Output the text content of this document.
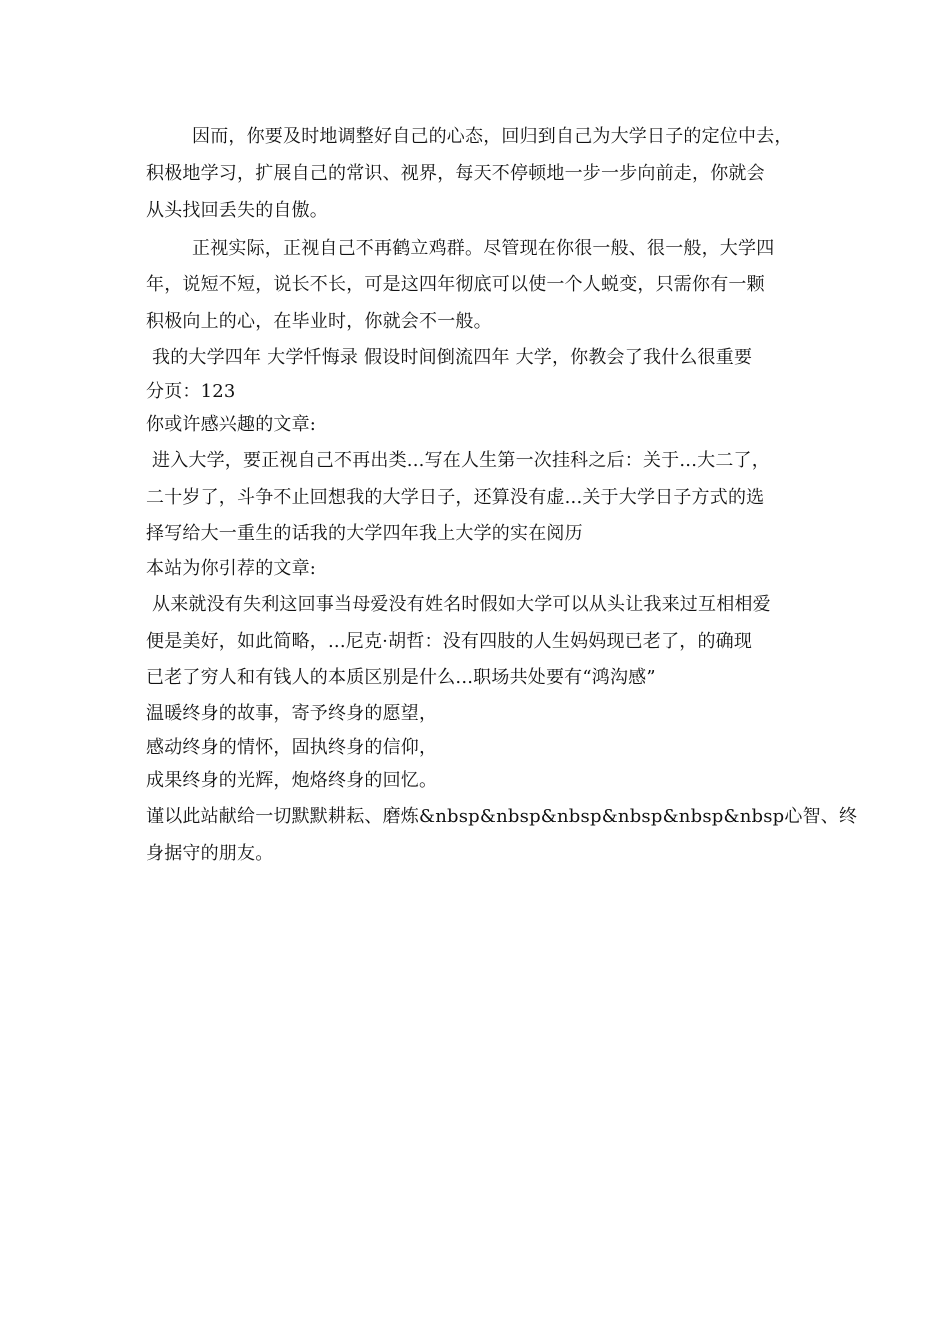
因而，你要及时地调整好自己的心态，回归到自己为大学日子的定位中去，
积极地学习，扩展自己的常识、视界，每天不停顿地一步一步向前走，你就会
从头找回丢失的自傲。
正视实际，正视自己不再鹤立鸡群。尽管现在你很一般、很一般，大学四
年，说短不短，说长不长，可是这四年彻底可以使一个人蜕变，只需你有一颗
积极向上的心，在毕业时，你就会不一般。
我的大学四年 大学忏悔录 假设时间倒流四年 大学，你教会了我什么很重要
分页：123
你或许感兴趣的文章:
进入大学，要正视自己不再出类...写在人生第一次挂科之后：关于...大二了，
二十岁了，斗争不止回想我的大学日子，还算没有虚...关于大学日子方式的选
择写给大一重生的话我的大学四年我上大学的实在阅历
本站为你引荐的文章:
从来就没有失利这回事当母爱没有姓名时假如大学可以从头让我来过互相相爱
便是美好，如此简略，...尼克·胡哲：没有四肢的人生妈妈现已老了，的确现
已老了穷人和有钱人的本质区别是什么...职场共处要有“鸿沟感”
温暖终身的故事，寄予终身的愿望，
感动终身的情怀，固执终身的信仰，
成果终身的光辉，炮烙终身的回忆。
谨以此站献给一切默默耕耘、磨炼&nbsp&nbsp&nbsp&nbsp&nbsp&nbsp心智、终
身据守的朋友。
